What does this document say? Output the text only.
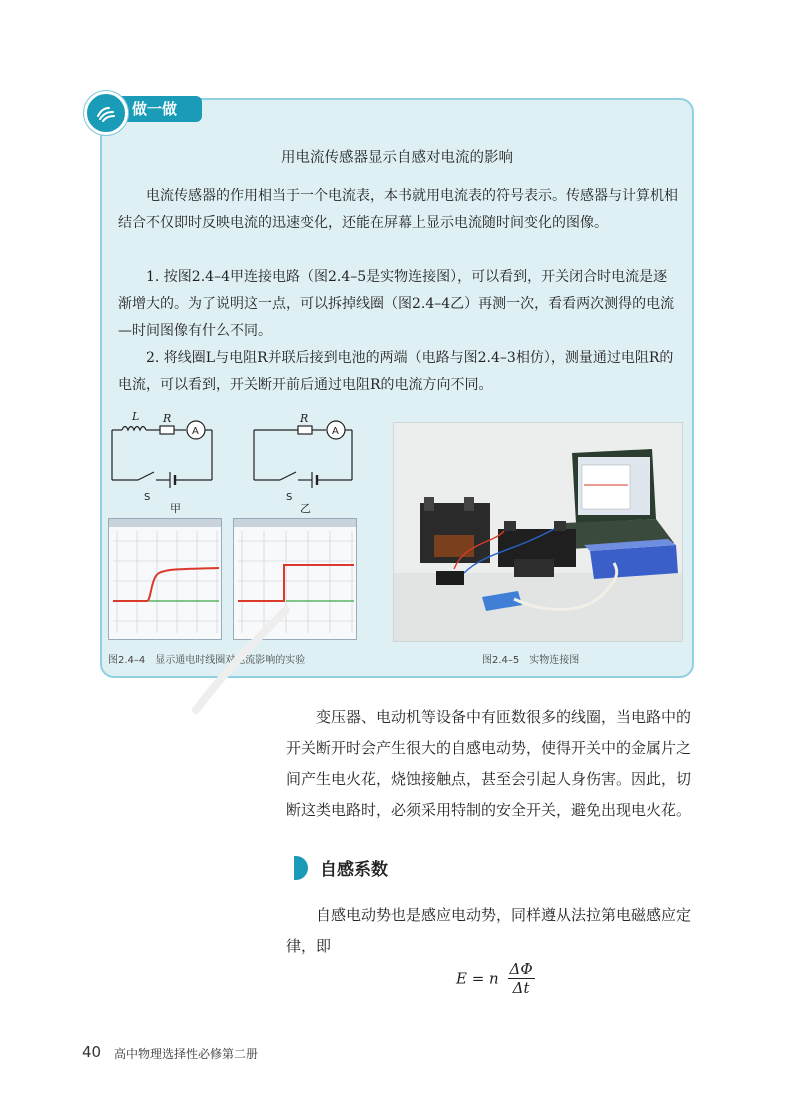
做一做
用电流传感器显示自感对电流的影响
电流传感器的作用相当于一个电流表，本书就用电流表的符号表示。传感器与计算机相结合不仅即时反映电流的迅速变化，还能在屏幕上显示电流随时间变化的图像。
1. 按图2.4–4甲连接电路（图2.4–5是实物连接图），可以看到，开关闭合时电流是逐渐增大的。为了说明这一点，可以拆掉线圈（图2.4–4乙）再测一次，看看两次测得的电流—时间图像有什么不同。
2. 将线圈L与电阻R并联后接到电池的两端（电路与图2.4–3相仿），测量通过电阻R的电流，可以看到，开关断开前后通过电阻R的电流方向不同。
L R
A
S
甲
R
A
S
乙
图2.4–4　显示通电时线圈对电流影响的实验	图2.4–5　实物连接图
变压器、电动机等设备中有匝数很多的线圈，当电路中的开关断开时会产生很大的自感电动势，使得开关中的金属片之间产生电火花，烧蚀接触点，甚至会引起人身伤害。因此，切断这类电路时，必须采用特制的安全开关，避免出现电火花。
自感系数
自感电动势也是感应电动势，同样遵从法拉第电磁感应定律，即
E = n $\frac{\Delta\Phi}{\Delta t}$
40 高中物理选择性必修第二册
